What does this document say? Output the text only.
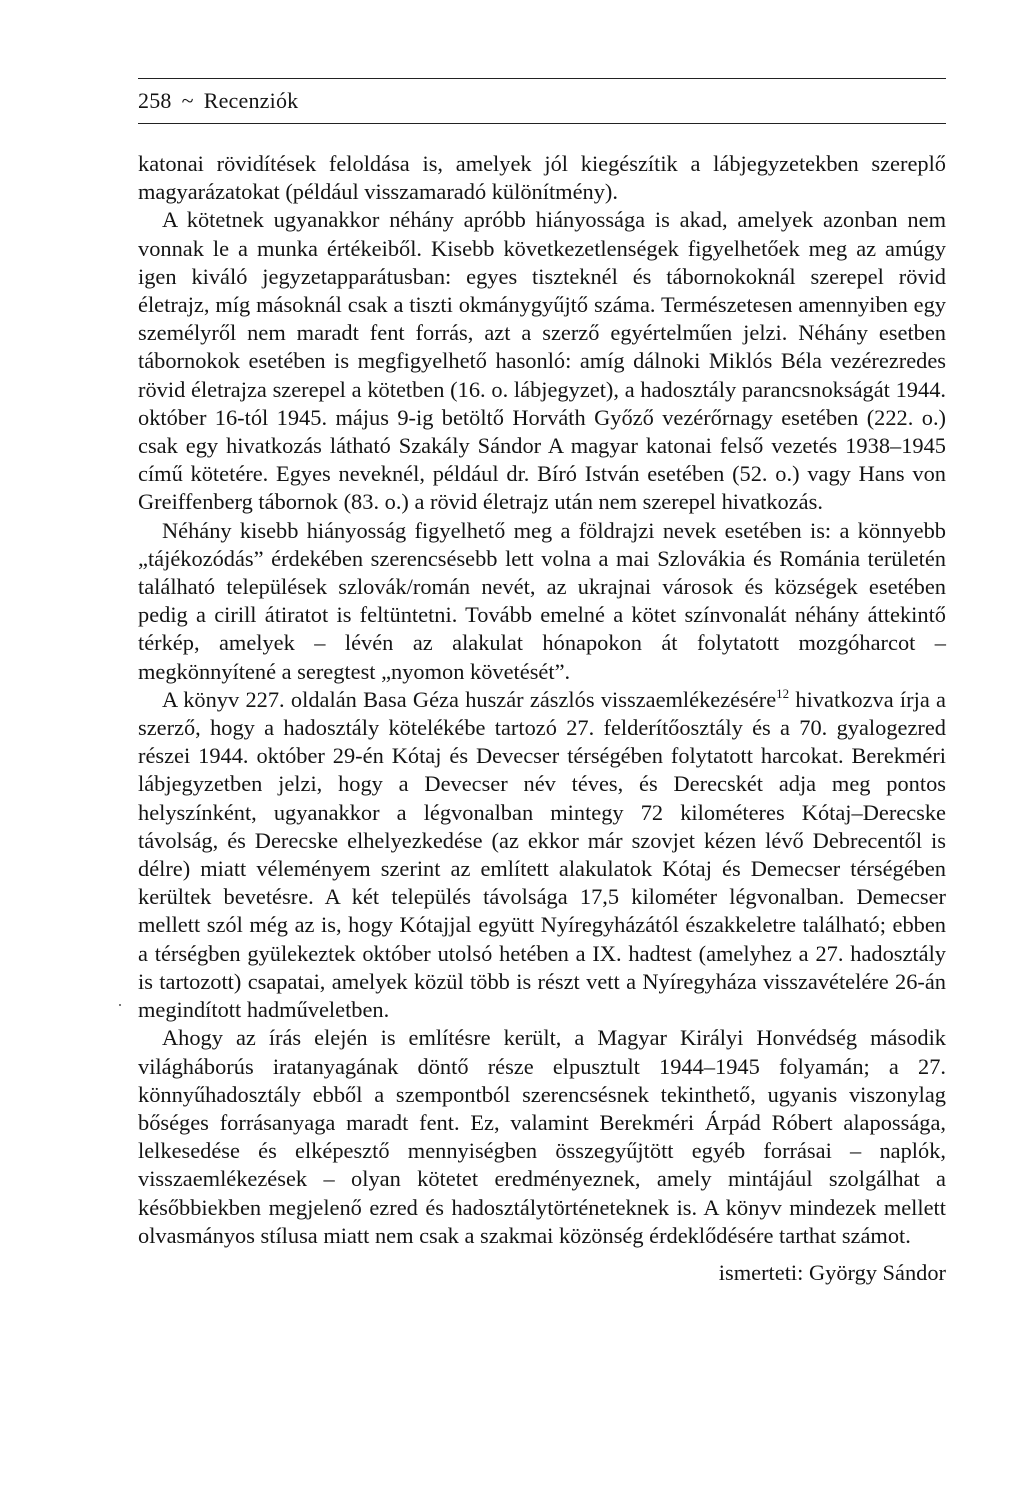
258 ~ Recenziók

katonai rövidítések feloldása is, amelyek jól kiegészítik a lábjegyzetekben szereplő magyarázatokat (például visszamaradó különítmény).

A kötetnek ugyanakkor néhány apróbb hiányossága is akad, amelyek azonban nem vonnak le a munka értékeiből. Kisebb következetlenségek figyelhetőek meg az amúgy igen kiváló jegyzetapparátusban: egyes tiszteknél és tábornokoknál szerepel rövid életrajz, míg másoknál csak a tiszti okmánygyűjtő száma. Természetesen amennyiben egy személyről nem maradt fent forrás, azt a szerző egyértelműen jelzi. Néhány esetben tábornokok esetében is megfigyelhető hasonló: amíg dálnoki Miklós Béla vezérezredes rövid életrajza szerepel a kötetben (16. o. lábjegyzet), a hadosztály parancsnokságát 1944. október 16-tól 1945. május 9-ig betöltő Horváth Győző vezérőrnagy esetében (222. o.) csak egy hivatkozás látható Szakály Sándor A magyar katonai felső vezetés 1938–1945 című kötetére. Egyes neveknél, például dr. Bíró István esetében (52. o.) vagy Hans von Greiffenberg tábornok (83. o.) a rövid életrajz után nem szerepel hivatkozás.

Néhány kisebb hiányosság figyelhető meg a földrajzi nevek esetében is: a könnyebb „tájékozódás” érdekében szerencsésebb lett volna a mai Szlovákia és Románia területén található települések szlovák/román nevét, az ukrajnai városok és községek esetében pedig a cirill átiratot is feltüntetni. Tovább emelné a kötet színvonalát néhány áttekintő térkép, amelyek – lévén az alakulat hónapokon át folytatott mozgóharcot – megkönnyítené a seregtest „nyomon követését”.

A könyv 227. oldalán Basa Géza huszár zászlós visszaemlékezésére$^{12}$ hivatkozva írja a szerző, hogy a hadosztály kötelékébe tartozó 27. felderítőosztály és a 70. gyalogezred részei 1944. október 29-én Kótaj és Devecser térségében folytatott harcokat. Berekméri lábjegyzetben jelzi, hogy a Devecser név téves, és Derecskét adja meg pontos helyszínként, ugyanakkor a légvonalban mintegy 72 kilométeres Kótaj–Derecske távolság, és Derecske elhelyezkedése (az ekkor már szovjet kézen lévő Debrecentől is délre) miatt véleményem szerint az említett alakulatok Kótaj és Demecser térségében kerültek bevetésre. A két település távolsága 17,5 kilométer légvonalban. Demecser mellett szól még az is, hogy Kótajjal együtt Nyíregyházától északkeletre található; ebben a térségben gyülekeztek október utolsó hetében a IX. hadtest (amelyhez a 27. hadosztály is tartozott) csapatai, amelyek közül több is részt vett a Nyíregyháza visszavételére 26-án megindított hadműveletben.

Ahogy az írás elején is említésre került, a Magyar Királyi Honvédség második világháborús iratanyagának döntő része elpusztult 1944–1945 folyamán; a 27. könnyűhadosztály ebből a szempontból szerencsésnek tekinthető, ugyanis viszonylag bőséges forrásanyaga maradt fent. Ez, valamint Berekméri Árpád Róbert alapossága, lelkesedése és elképesztő mennyiségben összegyűjtött egyéb forrásai – naplók, visszaemlékezések – olyan kötetet eredményeznek, amely mintájául szolgálhat a későbbiekben megjelenő ezred és hadosztálytörténeteknek is. A könyv mindezek mellett olvasmányos stílusa miatt nem csak a szakmai közönség érdeklődésére tarthat számot.

ismerteti: György Sándor
